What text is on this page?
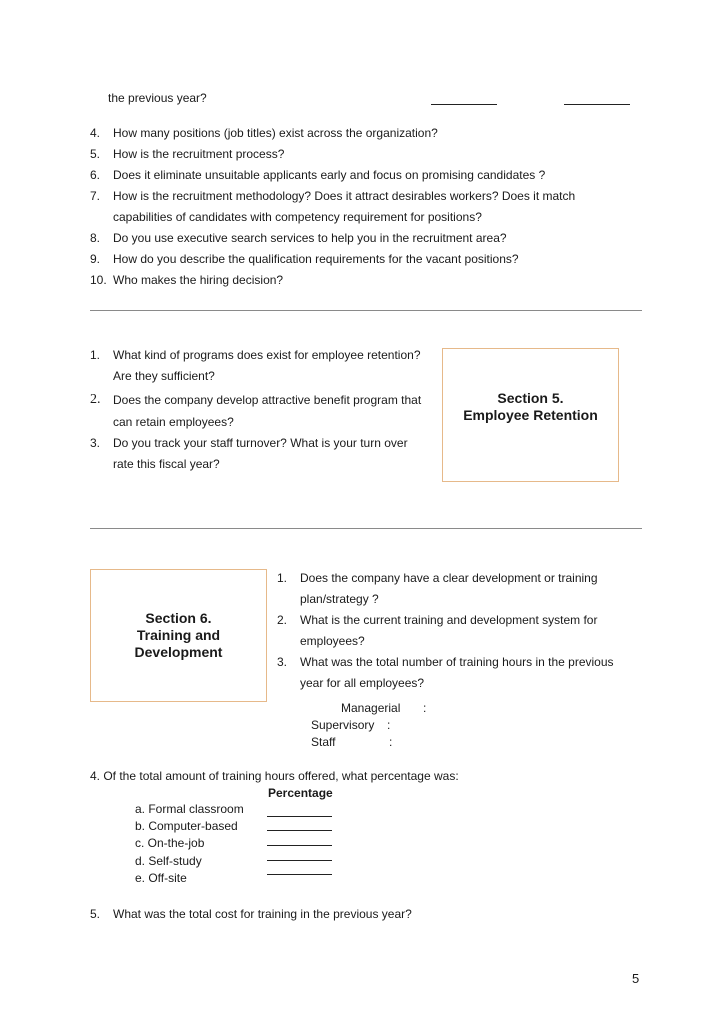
the previous year?
4. How many positions (job titles) exist across the organization?
5. How is the recruitment process?
6. Does it eliminate unsuitable applicants early and focus on promising candidates ?
7. How is the recruitment methodology? Does it attract desirables workers? Does it match
capabilities of candidates with competency requirement for positions?
8. Do you use executive search services to help you in the recruitment area?
9. How do you describe the qualification requirements for the vacant positions?
10. Who makes the hiring decision?
1. What kind of programs does exist for employee retention?
Are they sufficient?
2. Does the company develop attractive benefit program that
can retain employees?
3. Do you track your staff turnover? What is your turn over
rate this fiscal year?
Section 5.
Employee Retention
Section 6.
Training and
Development
1. Does the company have a clear development or training
plan/strategy ?
2. What is the current training and development system for
employees?
3. What was the total number of training hours in the previous
year for all employees?
Managerial :
Supervisory :
Staff	:
4. Of the total amount of training hours offered, what percentage was:
Percentage
a. Formal classroom
b. Computer-based
c. On-the-job
d. Self-study
e. Off-site
5. What was the total cost for training in the previous year?
5
